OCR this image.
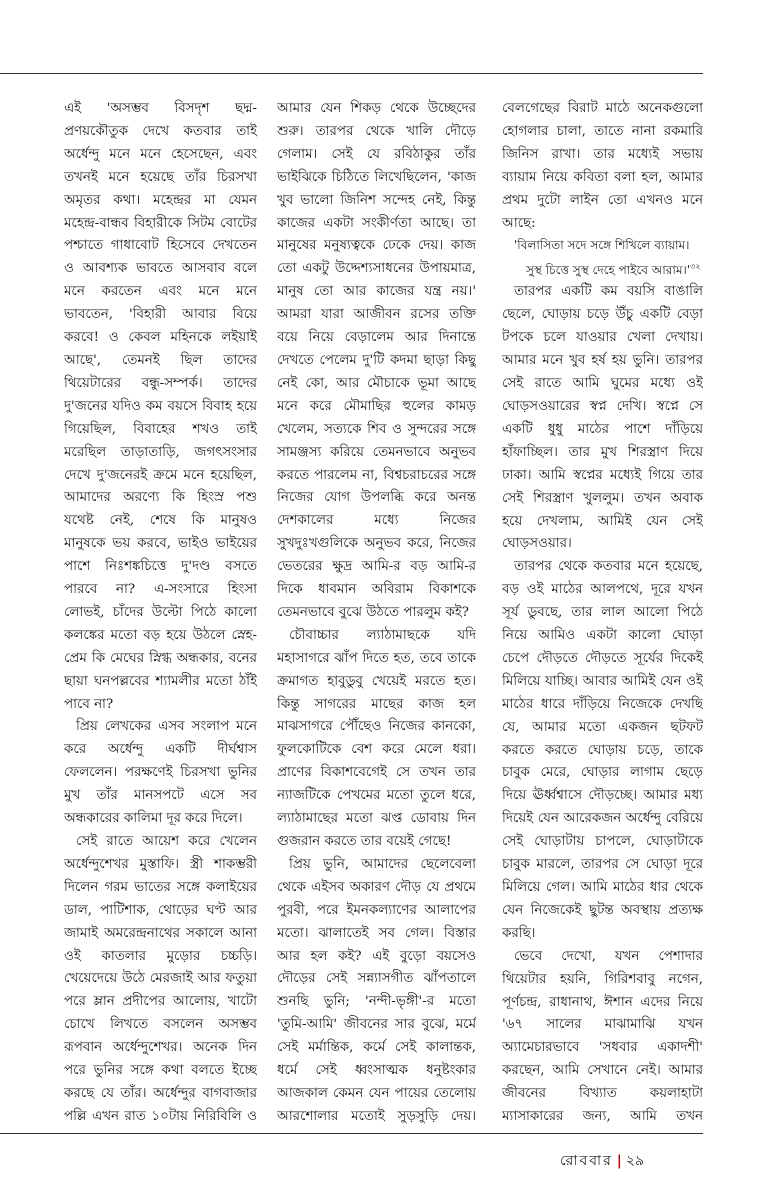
এই 'অসম্ভব বিসদৃশ ছদ্ম-প্রণয়কৌতুক দেখে কতবার তাই অর্ধেন্দু মনে মনে হেসেছেন, এবং তখনই মনে হয়েছে তাঁর চিরসখা অমৃতর কথা। মহেন্দ্রর মা যেমন মহেন্দ্র-বান্ধব বিহারীকে সিটম বোটের পশ্চাতে গাধাবোট হিসেবে দেখতেন ও আবশ্যক ভাবতে আসবাব বলে মনে করতেন এবং মনে মনে ভাবতেন, 'বিহারী আবার বিয়ে করবে! ও কেবল মহিনকে লইয়াই আছে', তেমনই ছিল তাদের থিয়েটারের বন্ধু-সম্পর্ক। তাদের দু'জনের যদিও কম বয়সে বিবাহ হয়ে গিয়েছিল, বিবাহের শখও তাই মরেছিল তাড়াতাড়ি, জগৎসংসার দেখে দু'জনেরই ক্রমে মনে হয়েছিল, আমাদের অরণ্যে কি হিংস্র পশু যথেষ্ট নেই, শেষে কি মানুষও মানুষকে ভয় করবে, ভাইও ভাইয়ের পাশে নিঃশঙ্কচিত্তে দু'দণ্ড বসতে পারবে না? এ-সংসারে হিংসা লোভই, চাঁদের উল্টো পিঠে কালো কলঙ্কের মতো বড় হয়ে উঠলে স্নেহ-প্রেম কি মেঘের স্নিগ্ধ অন্ধকার, বনের ছায়া ঘনপল্লবের শ্যামলীর মতো ঠাঁই পাবে না?

প্রিয় লেখকের এসব সংলাপ মনে করে অর্ধেন্দু একটি দীর্ঘশ্বাস ফেললেন। পরক্ষণেই চিরসখা ভুনির মুখ তাঁর মানসপটে এসে সব অন্ধকারের কালিমা দূর করে দিলে।

সেই রাতে আয়েশ করে খেলেন অর্ধেন্দুশেখর মুস্তাফি। স্ত্রী শাকম্ভরী দিলেন গরম ভাতের সঙ্গে কলাইয়ের ডাল, পাটিশাক, থোড়ের ঘণ্ট আর জামাই অমরেন্দ্রনাথের সকালে আনা ওই কাতলার মুড়োর চচ্চড়ি। খেয়েদেয়ে উঠে মেরজাই আর ফতুয়া পরে ম্লান প্রদীপের আলোয়, খাটো চোখে লিখতে বসলেন অসম্ভব রূপবান অর্ধেন্দুশেখর। অনেক দিন পরে ভুনির সঙ্গে কথা বলতে ইচ্ছে করছে যে তাঁর। অর্ধেন্দুর বাগবাজার পল্লি এখন রাত ১০টায় নিরিবিলি ও

আমার যেন শিকড় থেকে উচ্ছেদের শুরু। তারপর থেকে খালি দৌড়ে গেলাম। সেই যে রবিঠাকুর তাঁর ভাইঝিকে চিঠিতে লিখেছিলেন, 'কাজ খুব ভালো জিনিশ সন্দেহ নেই, কিন্তু কাজের একটা সংকীর্ণতা আছে। তা মানুষের মনুষ্যত্বকে ঢেকে দেয়। কাজ তো একটু উদ্দেশ্যসাধনের উপায়মাত্র, মানুষ তো আর কাজের যন্ত্র নয়।' আমরা যারা আজীবন রসের তক্তি বয়ে নিয়ে বেড়ালেম আর দিনান্তে দেখতে পেলেম দু'টি কদমা ছাড়া কিছু নেই কো, আর মৌচাকে ভূমা আছে মনে করে মৌমাছির হুলের কামড় খেলেম, সত্যকে শিব ও সুন্দরের সঙ্গে সামঞ্জস্য করিয়ে তেমনভাবে অনুভব করতে পারলেম না, বিশ্বচরাচরের সঙ্গে নিজের যোগ উপলব্ধি করে অনন্ত দেশকালের মধ্যে নিজের সুখদুঃখগুলিকে অনুভব করে, নিজের ভেতরের ক্ষুদ্র আমি-র বড় আমি-র দিকে ধাবমান অবিরাম বিকাশকে তেমনভাবে বুঝে উঠতে পারলুম কই?

চৌবাচ্চার ল্যাঠামাছকে যদি মহাসাগরে ঝাঁপ দিতে হত, তবে তাকে ক্রমাগত হাবুডুবু খেয়েই মরতে হত। কিন্তু সাগরের মাছের কাজ হল মাঝসাগরে পৌঁছেও নিজের কানকো, ফুলকোটিকে বেশ করে মেলে ধরা। প্রাণের বিকাশবেগেই সে তখন তার ন্যাজটিকে পেখমের মতো তুলে ধরে, ল্যাঠামাছের মতো ঝপ্ত ডোবায় দিন গুজরান করতে তার বয়েই গেছে!

প্রিয় ভুনি, আমাদের ছেলেবেলা থেকে এইসব অকারণ দৌড় যে প্রথমে পুরবী, পরে ইমনকল্যাণের আলাপের মতো। ঝালাতেই সব গেল। বিস্তার আর হল কই? এই বুড়ো বয়সেও দৌড়ের সেই সন্ন্যাসগীত ঝাঁপতালে শুনছি ভুনি; 'নন্দী-ভৃঙ্গী'-র মতো 'তুমি-আমি' জীবনের সার বুঝে, মর্মে সেই মর্মান্তিক, কর্মে সেই কালান্তক, ধর্মে সেই ধ্বংসাত্মক ধনুষ্টংকার আজকাল কেমন যেন পায়ের তেলোয় আরশোলার মতোই সুড়সুড়ি দেয়।

বেলগেছের বিরাট মাঠে অনেকগুলো হোগলার চালা, তাতে নানা রকমারি জিনিস রাখা। তার মধ্যেই সভায় ব্যায়াম নিয়ে কবিতা বলা হল, আমার প্রথম দুটো লাইন তো এখনও মনে আছে:

'বিলাসিতা সদে সঙ্গে শিখিলে ব্যায়াম।

সুস্থ চিত্তে সুস্থ দেহে পাইবে $আরাম।'^{৩২}$

তারপর একটি কম বয়সি বাঙালি ছেলে, ঘোড়ায় চড়ে উঁচু একটি বেড়া টপকে চলে যাওয়ার খেলা দেখায়। আমার মনে খুব হর্ষ হয় ভুনি। তারপর সেই রাতে আমি ঘুমের মধ্যে ওই ঘোড়সওয়ারের স্বপ্ন দেখি। স্বপ্নে সে একটি ধুধু মাঠের পাশে দাঁড়িয়ে হাঁফাচ্ছিল। তার মুখ শিরস্ত্রাণ দিয়ে ঢাকা। আমি স্বপ্নের মধ্যেই গিয়ে তার সেই শিরস্ত্রাণ খুললুম। তখন অবাক হয়ে দেখলাম, আমিই যেন সেই ঘোড়সওয়ার।

তারপর থেকে কতবার মনে হয়েছে, বড় ওই মাঠের আলপথে, দূরে যখন সূর্য ডুবছে, তার লাল আলো পিঠে নিয়ে আমিও একটা কালো ঘোড়া চেপে দৌড়তে দৌড়তে সূর্যের দিকেই মিলিয়ে যাচ্ছি। আবার আমিই যেন ওই মাঠের ধারে দাঁড়িয়ে নিজেকে দেখছি যে, আমার মতো একজন ছটফট করতে করতে ঘোড়ায় চড়ে, তাকে চাবুক মেরে, ঘোড়ার লাগাম ছেড়ে দিয়ে ঊর্ধ্বশ্বাসে দৌড়চ্ছে। আমার মধ্য দিয়েই যেন আরেকজন অর্ধেন্দু বেরিয়ে সেই ঘোড়াটায় চাপলে, ঘোড়াটাকে চাবুক মারলে, তারপর সে ঘোড়া দূরে মিলিয়ে গেল। আমি মাঠের ধার থেকে যেন নিজেকেই ছুটন্ত অবস্থায় প্রত্যক্ষ করছি।

ভেবে দেখো, যখন পেশাদার থিয়েটার হয়নি, গিরিশবাবু নগেন, পূর্ণচন্দ্র, রাধানাথ, ঈশান এদের নিয়ে '৬৭ সালের মাঝামাঝি যখন অ্যামেচারভাবে 'সধবার একাদশী' করছেন, আমি সেখানে নেই। আমার জীবনের বিখ্যাত কয়লাহাটা ম্যাসাকারের জন্য, আমি তখন

রোববার | ২৯
